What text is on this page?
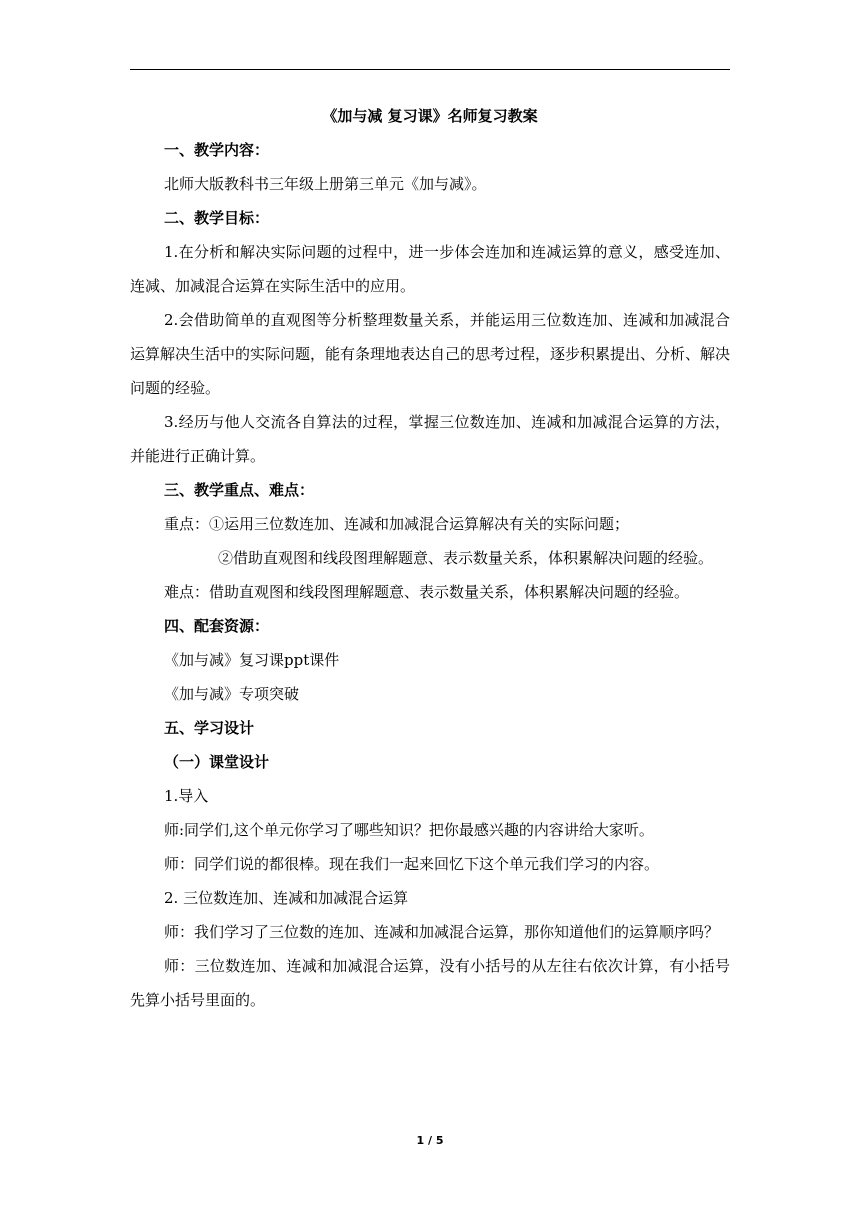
《加与减 复习课》名师复习教案

一、教学内容：

北师大版教科书三年级上册第三单元《加与减》。

二、教学目标：

1.在分析和解决实际问题的过程中，进一步体会连加和连减运算的意义，感受连加、连减、加减混合运算在实际生活中的应用。

2.会借助简单的直观图等分析整理数量关系，并能运用三位数连加、连减和加减混合运算解决生活中的实际问题，能有条理地表达自己的思考过程，逐步积累提出、分析、解决问题的经验。

3.经历与他人交流各自算法的过程，掌握三位数连加、连减和加减混合运算的方法，并能进行正确计算。

三、教学重点、难点：

重点：①运用三位数连加、连减和加减混合运算解决有关的实际问题；

②借助直观图和线段图理解题意、表示数量关系，体积累解决问题的经验。

难点：借助直观图和线段图理解题意、表示数量关系，体积累解决问题的经验。

四、配套资源：

《加与减》复习课ppt课件

《加与减》专项突破

五、学习设计

（一）课堂设计

1.导入

师:同学们,这个单元你学习了哪些知识？把你最感兴趣的内容讲给大家听。

师：同学们说的都很棒。现在我们一起来回忆下这个单元我们学习的内容。

2. 三位数连加、连减和加减混合运算

师：我们学习了三位数的连加、连减和加减混合运算，那你知道他们的运算顺序吗？

师：三位数连加、连减和加减混合运算，没有小括号的从左往右依次计算，有小括号先算小括号里面的。

1 / 5
